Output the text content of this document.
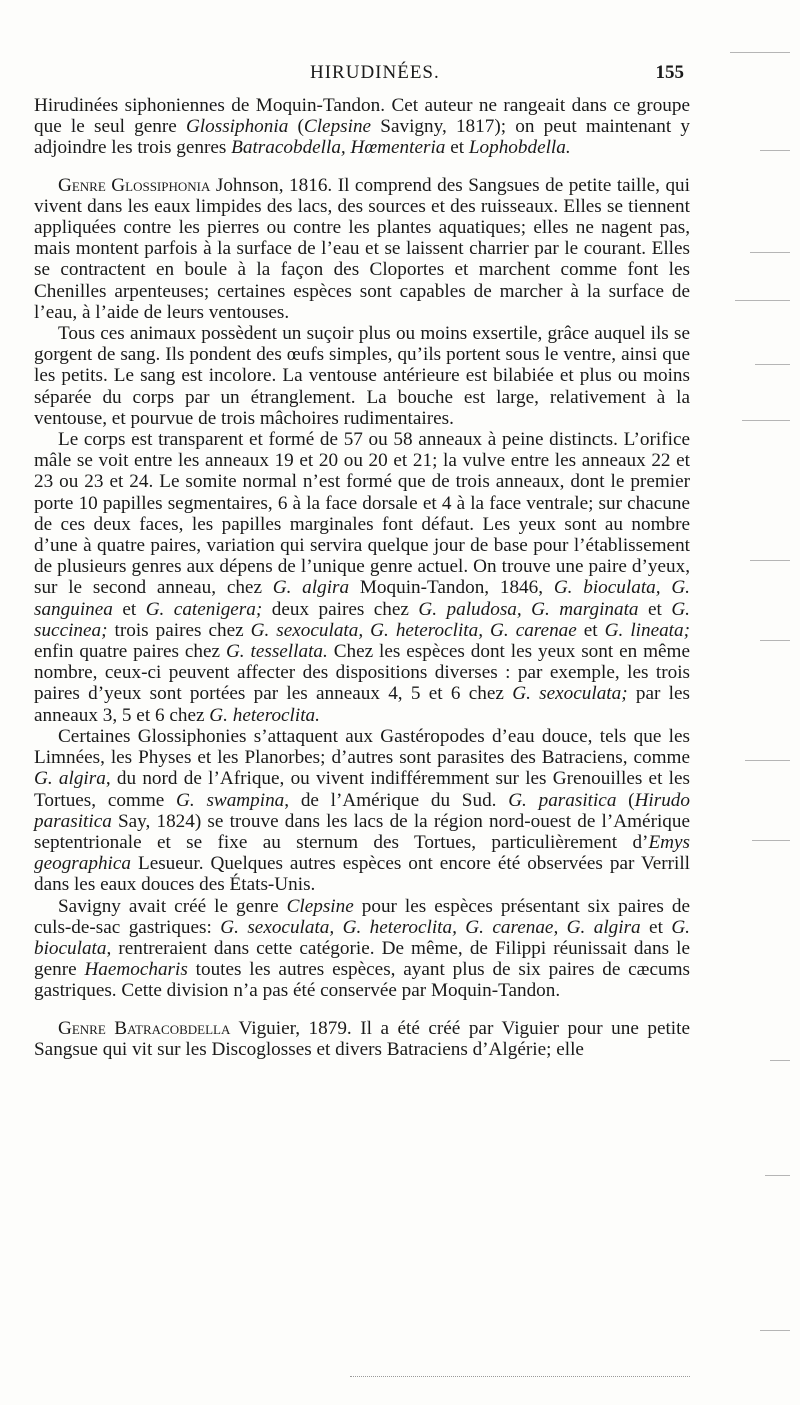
HIRUDINÉES.	155

Hirudinées siphoniennes de Moquin-Tandon. Cet auteur ne rangeait dans ce groupe que le seul genre Glossiphonia (Clepsine Savigny, 1817); on peut maintenant y adjoindre les trois genres Batracobdella, Hœmenteria et Lophobdella.

Genre Glossiphonia Johnson, 1816. Il comprend des Sangsues de petite taille, qui vivent dans les eaux limpides des lacs, des sources et des ruisseaux. Elles se tiennent appliquées contre les pierres ou contre les plantes aquatiques; elles ne nagent pas, mais montent parfois à la surface de l’eau et se laissent charrier par le courant. Elles se contractent en boule à la façon des Cloportes et marchent comme font les Chenilles arpenteuses; certaines espèces sont capables de marcher à la surface de l’eau, à l’aide de leurs ventouses.

Tous ces animaux possèdent un suçoir plus ou moins exsertile, grâce auquel ils se gorgent de sang. Ils pondent des œufs simples, qu’ils portent sous le ventre, ainsi que les petits. Le sang est incolore. La ventouse antérieure est bilabiée et plus ou moins séparée du corps par un étranglement. La bouche est large, relativement à la ventouse, et pourvue de trois mâchoires rudimentaires.

Le corps est transparent et formé de 57 ou 58 anneaux à peine distincts. L’orifice mâle se voit entre les anneaux 19 et 20 ou 20 et 21; la vulve entre les anneaux 22 et 23 ou 23 et 24. Le somite normal n’est formé que de trois anneaux, dont le premier porte 10 papilles segmentaires, 6 à la face dorsale et 4 à la face ventrale; sur chacune de ces deux faces, les papilles marginales font défaut. Les yeux sont au nombre d’une à quatre paires, variation qui servira quelque jour de base pour l’établissement de plusieurs genres aux dépens de l’unique genre actuel. On trouve une paire d’yeux, sur le second anneau, chez G. algira Moquin-Tandon, 1846, G. bioculata, G. sanguinea et G. catenigera; deux paires chez G. paludosa, G. marginata et G. succinea; trois paires chez G. sexoculata, G. heteroclita, G. carenae et G. lineata; enfin quatre paires chez G. tessellata. Chez les espèces dont les yeux sont en même nombre, ceux-ci peuvent affecter des dispositions diverses : par exemple, les trois paires d’yeux sont portées par les anneaux 4, 5 et 6 chez G. sexoculata; par les anneaux 3, 5 et 6 chez G. heteroclita.

Certaines Glossiphonies s’attaquent aux Gastéropodes d’eau douce, tels que les Limnées, les Physes et les Planorbes; d’autres sont parasites des Batraciens, comme G. algira, du nord de l’Afrique, ou vivent indifféremment sur les Grenouilles et les Tortues, comme G. swampina, de l’Amérique du Sud. G. parasitica (Hirudo parasitica Say, 1824) se trouve dans les lacs de la région nord-ouest de l’Amérique septentrionale et se fixe au sternum des Tortues, particulièrement d’Emys geographica Lesueur. Quelques autres espèces ont encore été observées par Verrill dans les eaux douces des États-Unis.

Savigny avait créé le genre Clepsine pour les espèces présentant six paires de culs-de-sac gastriques: G. sexoculata, G. heteroclita, G. carenae, G. algira et G. bioculata, rentreraient dans cette catégorie. De même, de Filippi réunissait dans le genre Haemocharis toutes les autres espèces, ayant plus de six paires de cæcums gastriques. Cette division n’a pas été conservée par Moquin-Tandon.

Genre Batracobdella Viguier, 1879. Il a été créé par Viguier pour une petite Sangsue qui vit sur les Discoglosses et divers Batraciens d’Algérie; elle
